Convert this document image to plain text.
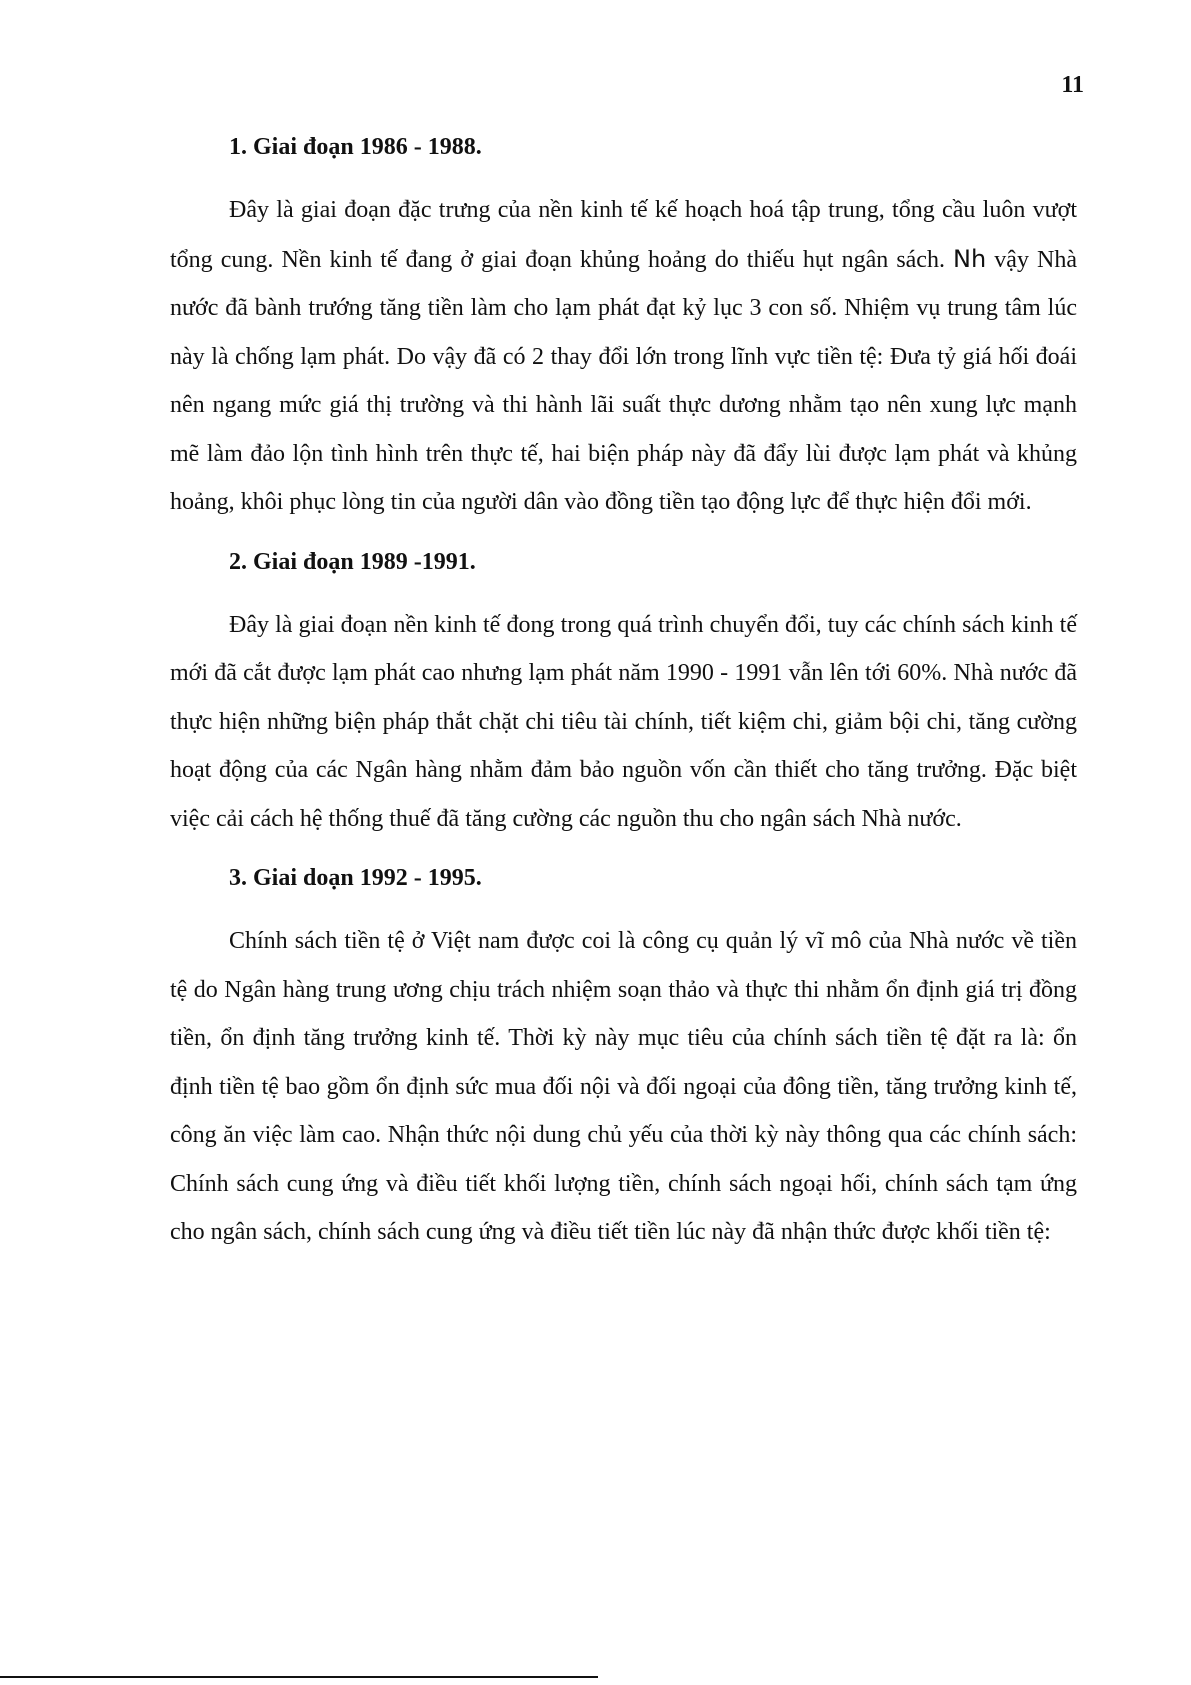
11
1. Giai đoạn 1986 - 1988.

Đây là giai đoạn đặc trưng của nền kinh tế kế hoạch hoá tập trung, tổng cầu luôn vượt tổng cung. Nền kinh tế đang ở giai đoạn khủng hoảng do thiếu hụt ngân sách. Nh vậy Nhà nước đã bành trướng tăng tiền làm cho lạm phát đạt kỷ lục 3 con số. Nhiệm vụ trung tâm lúc này là chống lạm phát. Do vậy đã có 2 thay đổi lớn trong lĩnh vực tiền tệ: Đưa tỷ giá hối đoái nên ngang mức giá thị trường và thi hành lãi suất thực dương nhằm tạo nên xung lực mạnh mẽ làm đảo lộn tình hình trên thực tế, hai biện pháp này đã đẩy lùi được lạm phát và khủng hoảng, khôi phục lòng tin của người dân vào đồng tiền tạo động lực để thực hiện đổi mới.

2. Giai đoạn 1989 -1991.

Đây là giai đoạn nền kinh tế đong trong quá trình chuyển đổi, tuy các chính sách kinh tế mới đã cắt được lạm phát cao nhưng lạm phát năm 1990 - 1991 vẫn lên tới 60%. Nhà nước đã thực hiện những biện pháp thắt chặt chi tiêu tài chính, tiết kiệm chi, giảm bội chi, tăng cường hoạt động của các Ngân hàng nhằm đảm bảo nguồn vốn cần thiết cho tăng trưởng. Đặc biệt việc cải cách hệ thống thuế đã tăng cường các nguồn thu cho ngân sách Nhà nước.

3. Giai doạn 1992 - 1995.

Chính sách tiền tệ ở Việt nam được coi là công cụ quản lý vĩ mô của Nhà nước về tiền tệ do Ngân hàng trung ương chịu trách nhiệm soạn thảo và thực thi nhằm ổn định giá trị đồng tiền, ổn định tăng trưởng kinh tế. Thời kỳ này mục tiêu của chính sách tiền tệ đặt ra là: ổn định tiền tệ bao gồm ổn định sức mua đối nội và đối ngoại của đông tiền, tăng trưởng kinh tế, công ăn việc làm cao. Nhận thức nội dung chủ yếu của thời kỳ này thông qua các chính sách: Chính sách cung ứng và điều tiết khối lượng tiền, chính sách ngoại hối, chính sách tạm ứng cho ngân sách, chính sách cung ứng và điều tiết tiền lúc này đã nhận thức được khối tiền tệ:
